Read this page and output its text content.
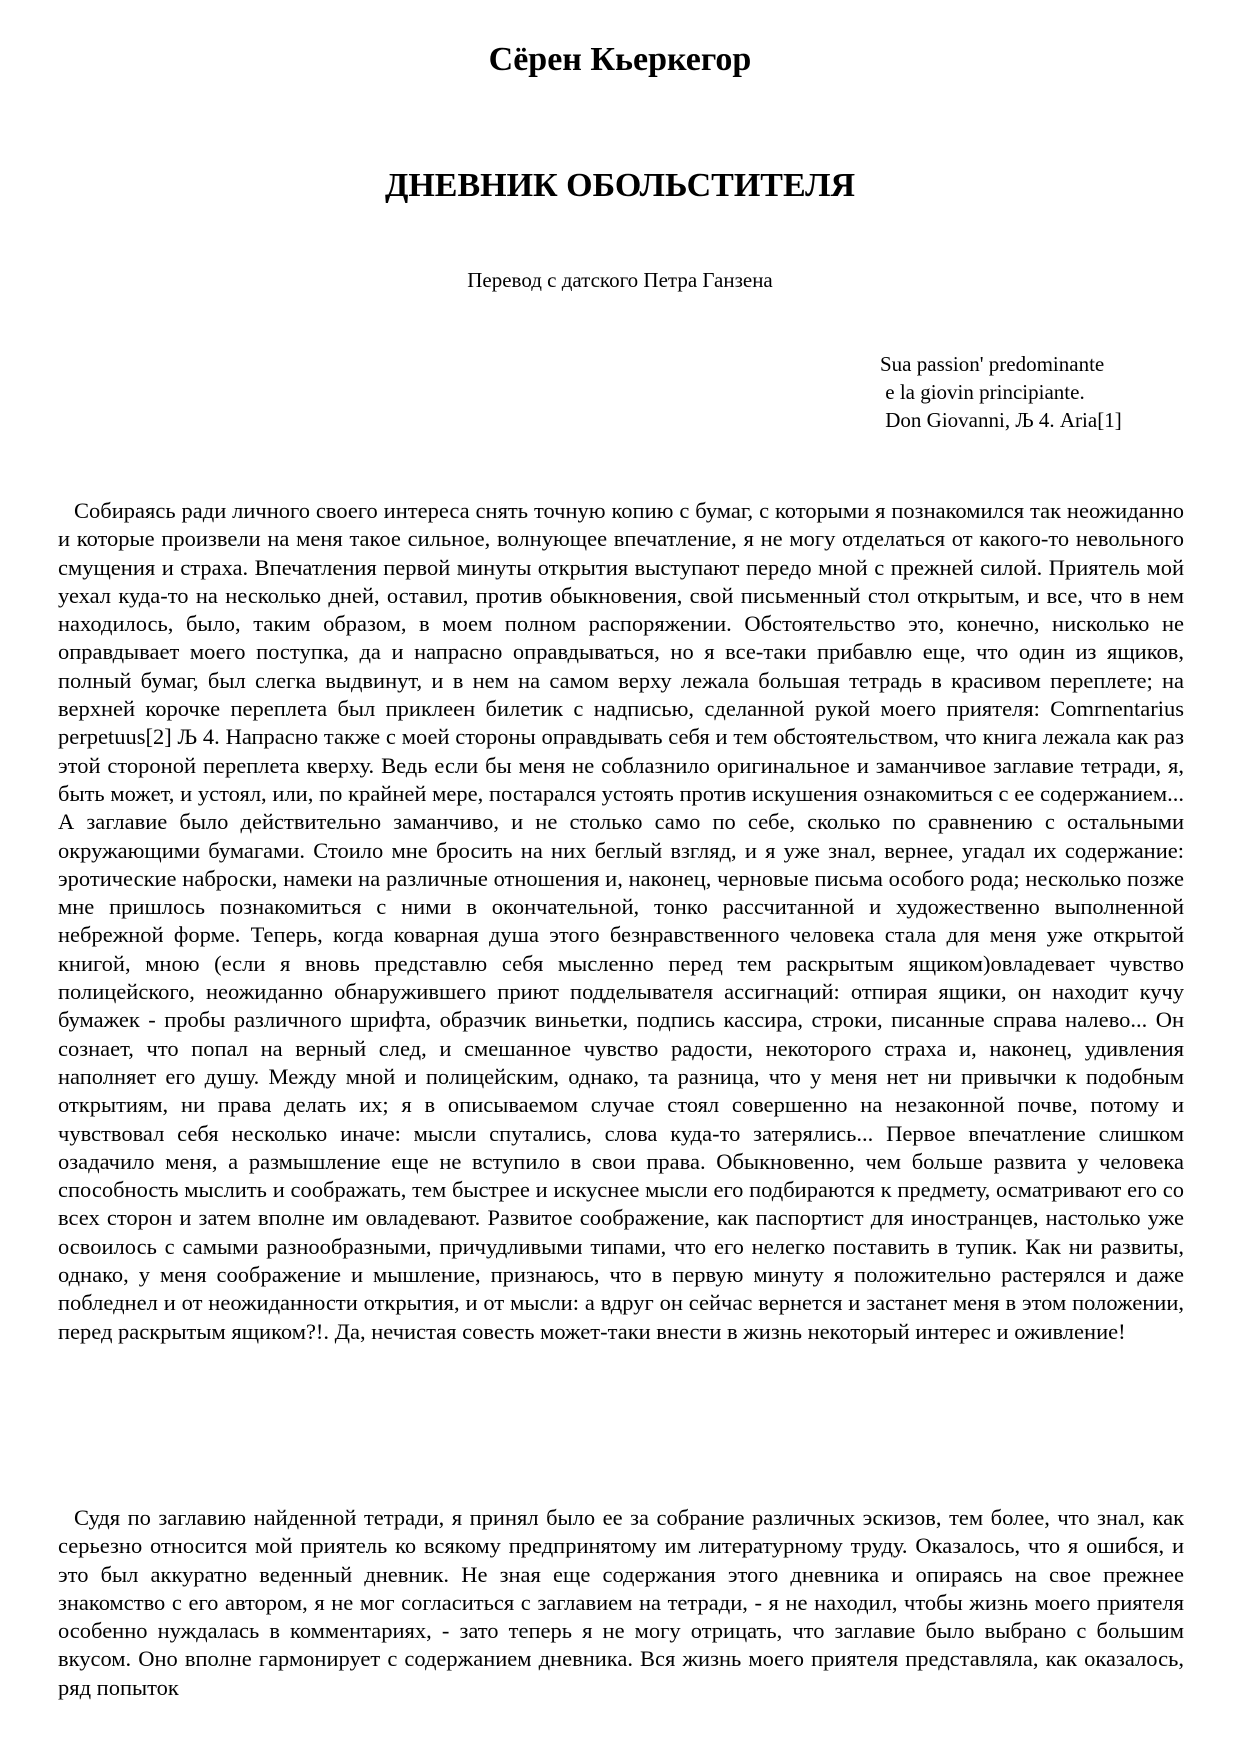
Сёрен Кьеркегор
ДНЕВНИК ОБОЛЬСТИТЕЛЯ
Перевод с датского Петра Ганзена
Sua passion' predominante
e la giovin principiante.
Don Giovanni, Љ 4. Aria[1]

Собираясь ради личного своего интереса снять точную копию с бумаг, с которыми я познакомился так неожиданно и которые произвели на меня такое сильное, волнующее впечатление, я не могу отделаться от какого-то невольного смущения и страха. Впечатления первой минуты открытия выступают передо мной с прежней силой. Приятель мой уехал куда-то на несколько дней, оставил, против обыкновения, свой письменный стол открытым, и все, что в нем находилось, было, таким образом, в моем полном распоряжении. Обстоятельство это, конечно, нисколько не оправдывает моего поступка, да и напрасно оправдываться, но я все-таки прибавлю еще, что один из ящиков, полный бумаг, был слегка выдвинут, и в нем на самом верху лежала большая тетрадь в красивом переплете; на верхней корочке переплета был приклеен билетик с надписью, сделанной рукой моего приятеля: Comrnentarius perpetuus[2] Љ 4. Напрасно также с моей стороны оправдывать себя и тем обстоятельством, что книга лежала как раз этой стороной переплета кверху. Ведь если бы меня не соблазнило оригинальное и заманчивое заглавие тетради, я, быть может, и устоял, или, по крайней мере, постарался устоять против искушения ознакомиться с ее содержанием... А заглавие было действительно заманчиво, и не столько само по себе, сколько по сравнению с остальными окружающими бумагами. Стоило мне бросить на них беглый взгляд, и я уже знал, вернее, угадал их содержание: эротические наброски, намеки на различные отношения и, наконец, черновые письма особого рода; несколько позже мне пришлось познакомиться с ними в окончательной, тонко рассчитанной и художественно выполненной небрежной форме. Теперь, когда коварная душа этого безнравственного человека стала для меня уже открытой книгой, мною (если я вновь представлю себя мысленно перед тем раскрытым ящиком)овладевает чувство полицейского, неожиданно обнаружившего приют подделывателя ассигнаций: отпирая ящики, он находит кучу бумажек - пробы различного шрифта, образчик виньетки, подпись кассира, строки, писанные справа налево... Он сознает, что попал на верный след, и смешанное чувство радости, некоторого страха и, наконец, удивления наполняет его душу. Между мной и полицейским, однако, та разница, что у меня нет ни привычки к подобным открытиям, ни права делать их; я в описываемом случае стоял совершенно на незаконной почве, потому и чувствовал себя несколько иначе: мысли спутались, слова куда-то затерялись... Первое впечатление слишком озадачило меня, а размышление еще не вступило в свои права. Обыкновенно, чем больше развита у человека способность мыслить и соображать, тем быстрее и искуснее мысли его подбираются к предмету, осматривают его со всех сторон и затем вполне им овладевают. Развитое соображение, как паспортист для иностранцев, настолько уже освоилось с самыми разнообразными, причудливыми типами, что его нелегко поставить в тупик. Как ни развиты, однако, у меня соображение и мышление, признаюсь, что в первую минуту я положительно растерялся и даже побледнел и от неожиданности открытия, и от мысли: а вдруг он сейчас вернется и застанет меня в этом положении, перед раскрытым ящиком?!. Да, нечистая совесть может-таки внести в жизнь некоторый интерес и оживление!

Судя по заглавию найденной тетради, я принял было ее за собрание различных эскизов, тем более, что знал, как серьезно относится мой приятель ко всякому предпринятому им литературному труду. Оказалось, что я ошибся, и это был аккуратно веденный дневник. Не зная еще содержания этого дневника и опираясь на свое прежнее знакомство с его автором, я не мог согласиться с заглавием на тетради, - я не находил, чтобы жизнь моего приятеля особенно нуждалась в комментариях, - зато теперь я не могу отрицать, что заглавие было выбрано с большим вкусом. Оно вполне гармонирует с содержанием дневника. Вся жизнь моего приятеля представляла, как оказалось, ряд попыток
